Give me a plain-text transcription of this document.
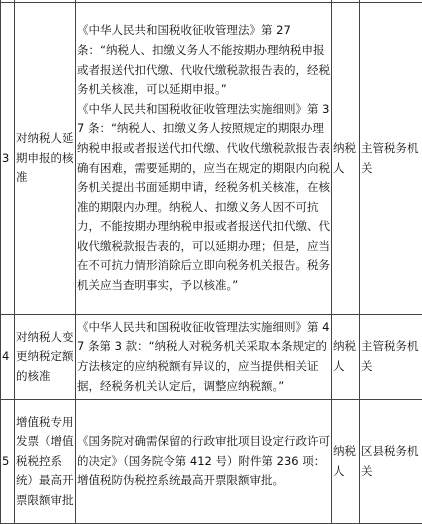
3	对纳税人延期申报的核准	《中华人民共和国税收征收管理法》第 27 条：“纳税人、扣缴义务人不能按期办理纳税申报或者报送代扣代缴、代收代缴税款报告表的，经税务机关核准，可以延期申报。”
《中华人民共和国税收征收管理法实施细则》第 37 条：“纳税人、扣缴义务人按照规定的期限办理纳税申报或者报送代扣代缴、代收代缴税款报告表确有困难，需要延期的，应当在规定的期限内向税务机关提出书面延期申请，经税务机关核准，在核准的期限内办理。纳税人、扣缴义务人因不可抗力，不能按期办理纳税申报或者报送代扣代缴、代收代缴税款报告表的，可以延期办理；但是，应当在不可抗力情形消除后立即向税务机关报告。税务机关应当查明事实，予以核准。”	纳税人	主管税务机关
4	对纳税人变更纳税定额的核准	《中华人民共和国税收征收管理法实施细则》第 47 条第 3 款：“纳税人对税务机关采取本条规定的方法核定的应纳税额有异议的，应当提供相关证据，经税务机关认定后，调整应纳税额。”	纳税人	主管税务机关
5	增值税专用发票（增值税税控系统）最高开票限额审批	《国务院对确需保留的行政审批项目设定行政许可的决定》（国务院令第 412 号）附件第 236 项：增值税防伪税控系统最高开票限额审批。	纳税人	区县税务机关
